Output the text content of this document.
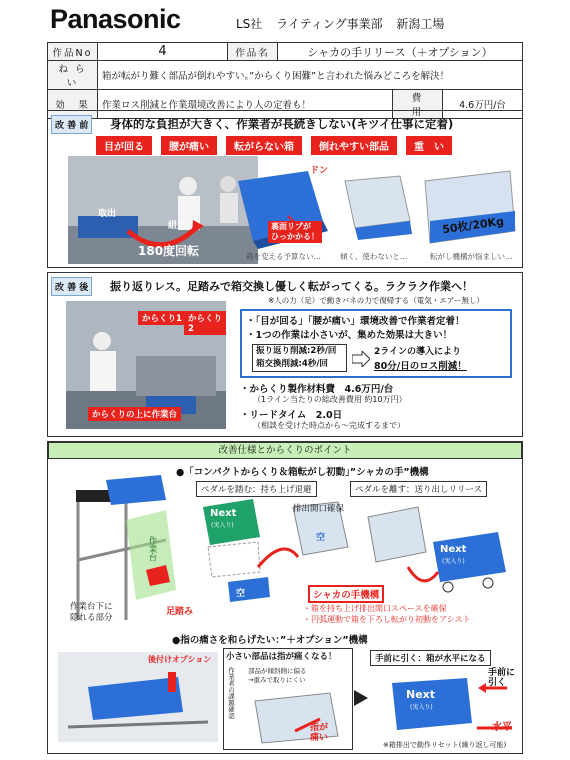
Panasonic	LS社 ライティング事業部 新潟工場
作品No	4	作品名	シャカの手リリース（＋オプション）		
ね ら い	箱が転がり難く部品が倒れやすい。”からくり困難”と言われた悩みどころを解決！				
効　果	作業ロス削減と作業環境改善により人の定着も！			費　　用	4.6万円/台
改 善 前	身体的な負担が大きく、作業者が長続きしない(キツイ仕事に定着)
目が回る	腰が痛い	転がらない箱	倒れやすい部品	重　い
取出
組立
180度回転
ドン
裏面リブが
ひっかかる！
箱を変える予算ない…	傾く、使わないと…
50枚/20Kg
転がし機構が悩ましい…
改 善 後	振り返りレス。足踏みで箱交換し優しく転がってくる。ラクラク作業へ！
※人の力（足）で動きバネの力で復帰する（電気・エアー無し）
からくり1 からくり2
からくりの上に作業台
・「目が回る」「腰が痛い」環境改善で作業者定着！
・1つの作業は小さいが、集めた効果は大きい！
振り返り削減:2秒/回
箱交換削減:4秒/回
2ラインの導入により
80分/日のロス削減！
・からくり製作材料費　4.6万円/台
（1ライン当たりの総改善費用 約10万円）
・リードタイム　2.0日
（相談を受けた時点から～完成するまで）
改善仕様とからくりのポイント
●「コンパクトからくり＆箱転がし初動」”シャカの手”機構
ペダルを踏む：持ち上げ退避	ペダルを離す：送り出しリリース
作業台
作業台下に
隠れる部分
足踏み
排出開口確保
Next
(実入り)
Next
(実入り)
空
空
シャカの手機構
・箱を持ち上げ排出開口スペースを確保
・円弧運動で箱を下ろし転がり初動をアシスト
●指の痛さを和らげたい：”＋オプション”機構
後付けオプション 小さい部品は指が痛くなる！
作業者の課題確認 部品が傾斜側に偏る
→重みで取りにくい
指が
痛い
手前に引く：箱が水平になる
Next
(実入り)
手前に
引く
水平
※箱排出で動作リセット(繰り返し可能)
